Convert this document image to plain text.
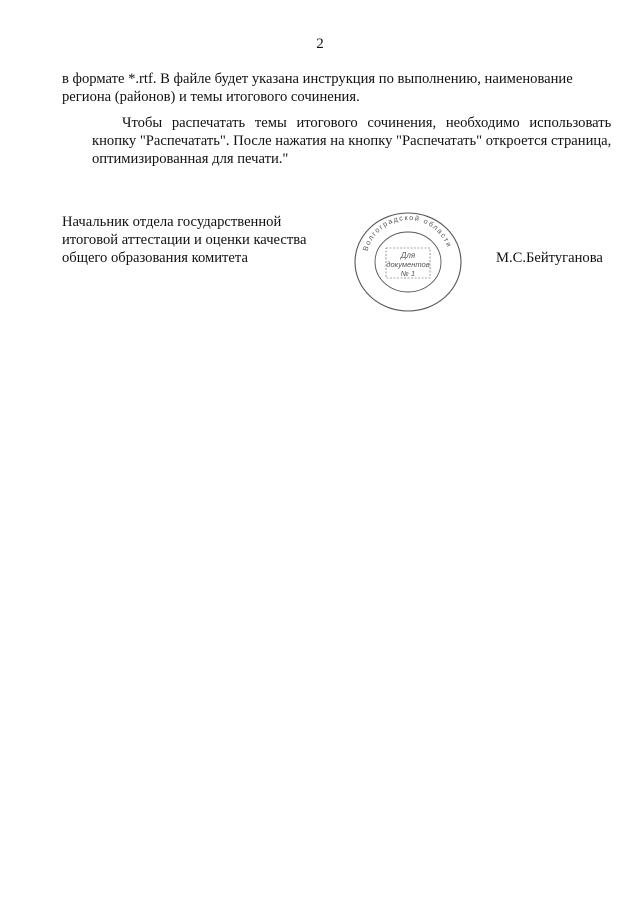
2

в формате *.rtf. В файле будет указана инструкция по выполнению, наименование
региона (районов) и темы итогового сочинения.

Чтобы распечатать темы итогового сочинения, необходимо использовать
кнопку "Распечатать". После нажатия на кнопку "Распечатать" откроется страница,
оптимизированная для печати."

Начальник отдела государственной
итоговой аттестации и оценки качества
общего образования комитета
Волгоградской области
Для
документов
№ 1
М.С.Бейтуганова
